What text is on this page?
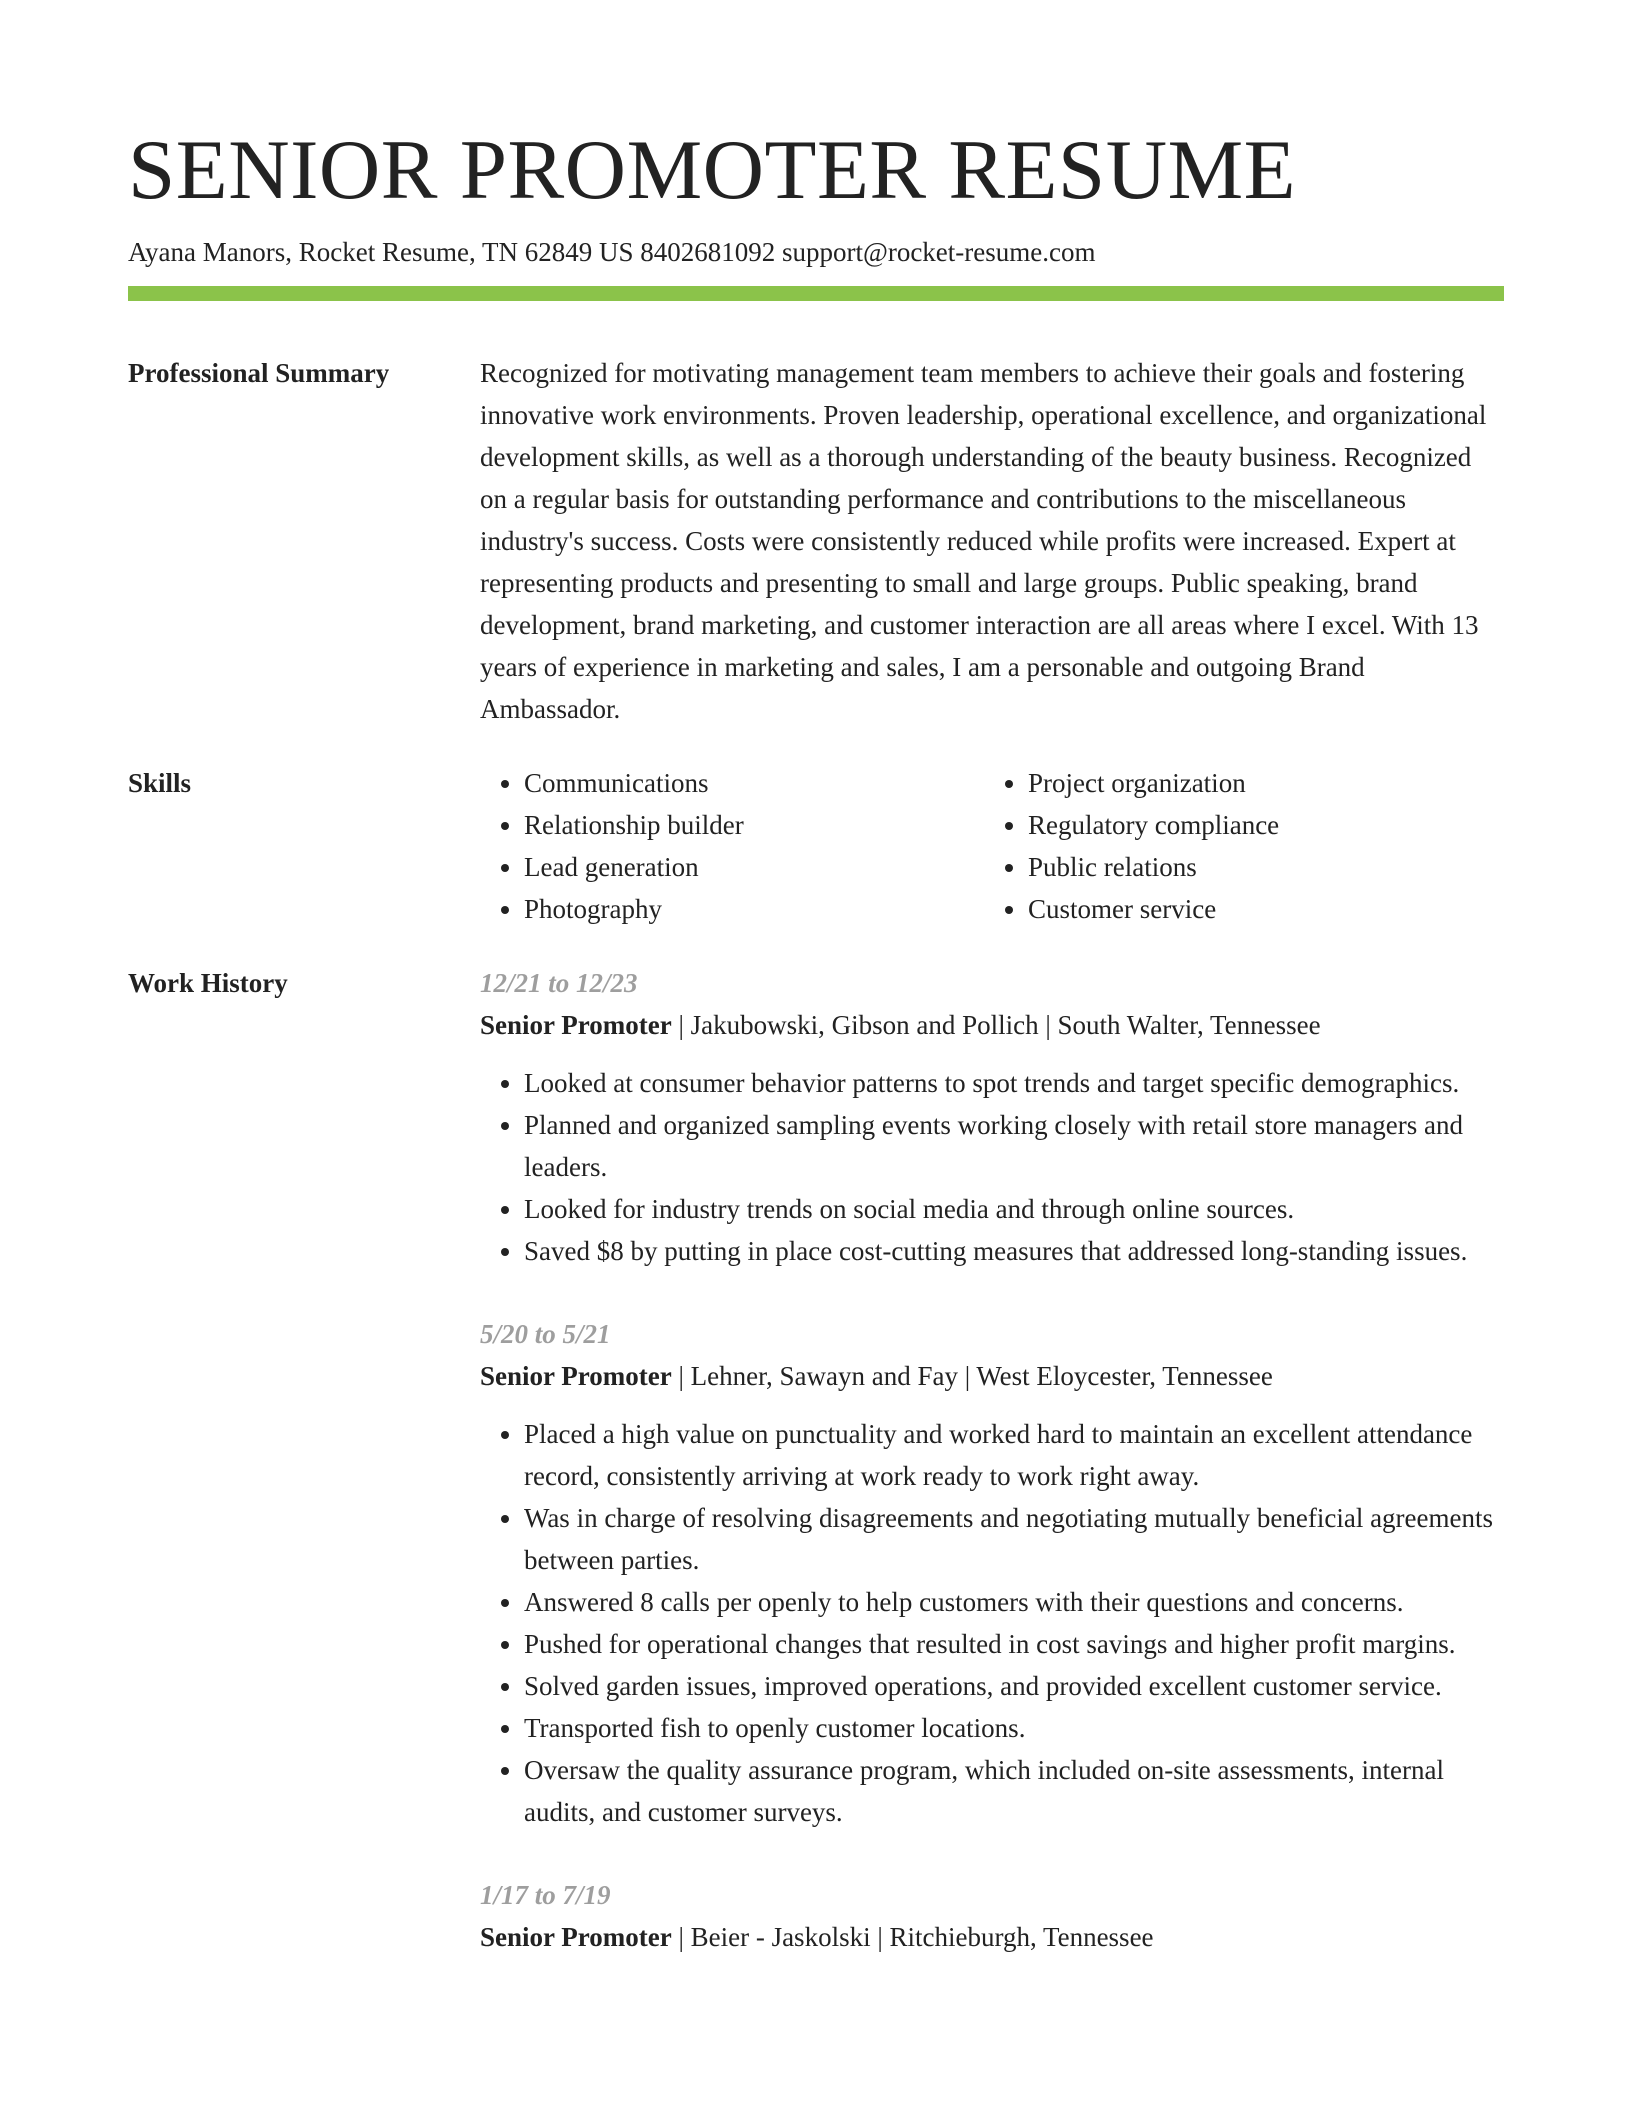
SENIOR PROMOTER RESUME
Ayana Manors, Rocket Resume, TN 62849 US 8402681092 support@rocket-resume.com
Professional Summary	Recognized for motivating management team members to achieve their goals and fostering innovative work environments. Proven leadership, operational excellence, and organizational development skills, as well as a thorough understanding of the beauty business. Recognized on a regular basis for outstanding performance and contributions to the miscellaneous industry's success. Costs were consistently reduced while profits were increased. Expert at representing products and presenting to small and large groups. Public speaking, brand development, brand marketing, and customer interaction are all areas where I excel. With 13 years of experience in marketing and sales, I am a personable and outgoing Brand Ambassador.
Skills
•	Communications
• Relationship builder
• Lead generation
• Photography
• Project organization
• Regulatory compliance
• Public relations
• Customer service
Work History	12/21 to 12/23
Senior Promoter | Jakubowski, Gibson and Pollich | South Walter, Tennessee
• Looked at consumer behavior patterns to spot trends and target specific demographics.
• Planned and organized sampling events working closely with retail store managers and leaders.
• Looked for industry trends on social media and through online sources.
• Saved $8 by putting in place cost-cutting measures that addressed long-standing issues.
5/20 to 5/21
Senior Promoter | Lehner, Sawayn and Fay | West Eloycester, Tennessee
• Placed a high value on punctuality and worked hard to maintain an excellent attendance record, consistently arriving at work ready to work right away.
• Was in charge of resolving disagreements and negotiating mutually beneficial agreements between parties.
• Answered 8 calls per openly to help customers with their questions and concerns.
• Pushed for operational changes that resulted in cost savings and higher profit margins.
• Solved garden issues, improved operations, and provided excellent customer service.
• Transported fish to openly customer locations.
• Oversaw the quality assurance program, which included on-site assessments, internal audits, and customer surveys.
1/17 to 7/19
Senior Promoter | Beier - Jaskolski | Ritchieburgh, Tennessee
